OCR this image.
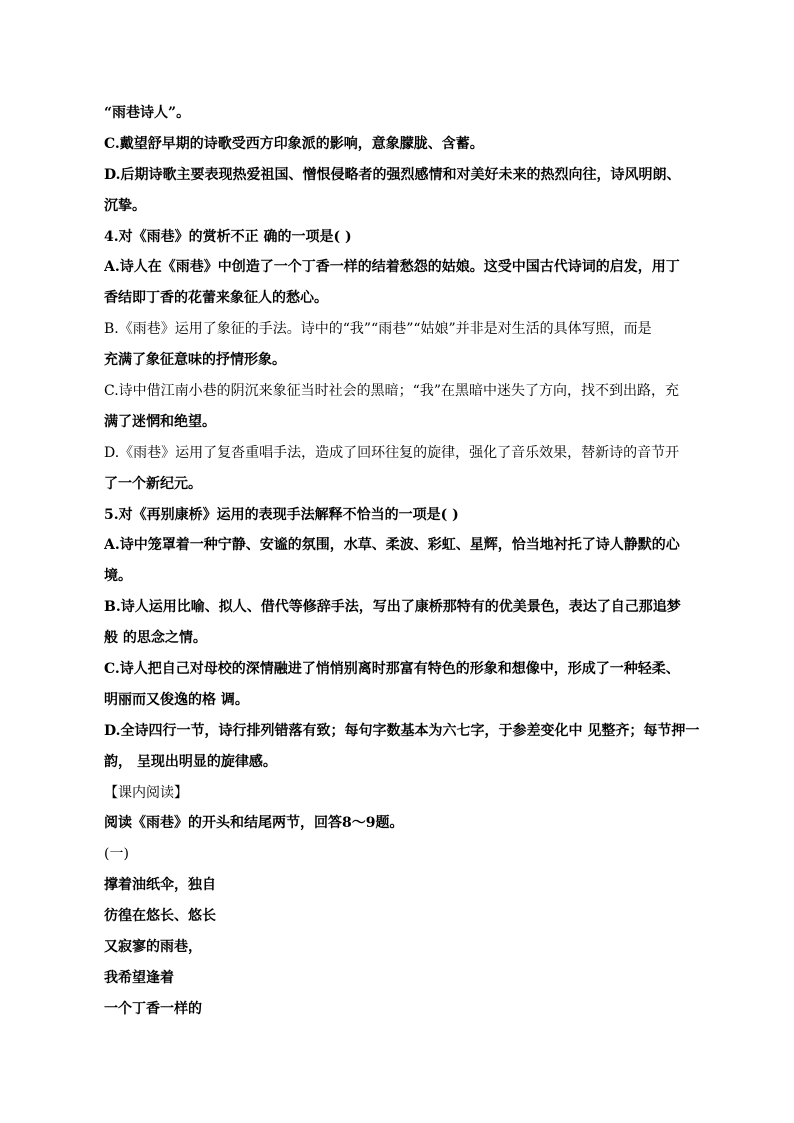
“雨巷诗人”。
C.戴望舒早期的诗歌受西方印象派的影响，意象朦胧、含蓄。
D.后期诗歌主要表现热爱祖国、憎恨侵略者的强烈感情和对美好未来的热烈向往，诗风明朗、
沉挚。
4.对《雨巷》的赏析不正 确的一项是( )
A.诗人在《雨巷》中创造了一个丁香一样的结着愁怨的姑娘。这受中国古代诗词的启发，用丁
香结即丁香的花蕾来象征人的愁心。
B.《雨巷》运用了象征的手法。诗中的“我”“雨巷”“姑娘”并非是对生活的具体写照，而是
充满了象征意味的抒情形象。
C.诗中借江南小巷的阴沉来象征当时社会的黑暗；“我”在黑暗中迷失了方向，找不到出路，充
满了迷惘和绝望。
D.《雨巷》运用了复沓重唱手法，造成了回环往复的旋律，强化了音乐效果，替新诗的音节开
了一个新纪元。
5.对《再别康桥》运用的表现手法解释不恰当的一项是( )
A.诗中笼罩着一种宁静、安谧的氛围，水草、柔波、彩虹、星辉，恰当地衬托了诗人静默的心
境。
B.诗人运用比喻、拟人、借代等修辞手法，写出了康桥那特有的优美景色，表达了自己那追梦
般 的思念之情。
C.诗人把自己对母校的深情融进了悄悄别离时那富有特色的形象和想像中，形成了一种轻柔、
明丽而又俊逸的格 调。
D.全诗四行一节，诗行排列错落有致；每句字数基本为六七字，于参差变化中 见整齐；每节押一
韵， 呈现出明显的旋律感。
【课内阅读】
阅读《雨巷》的开头和结尾两节，回答8～9题。
(一)
撑着油纸伞，独自
彷徨在悠长、悠长
又寂寥的雨巷，
我希望逢着
一个丁香一样的
